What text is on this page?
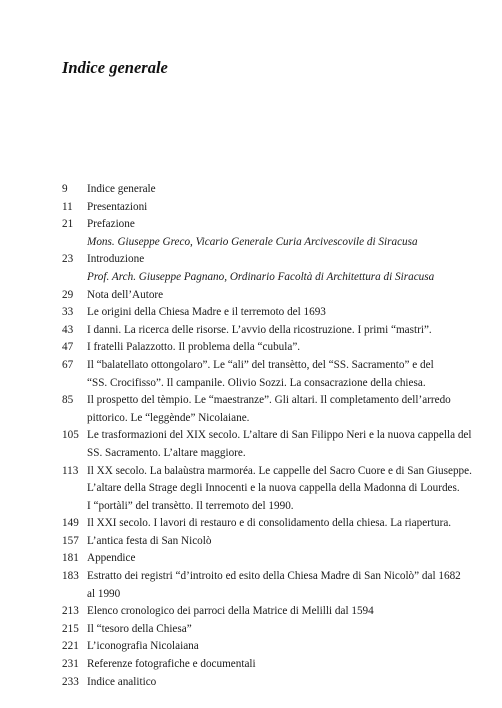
Indice generale
9	Indice generale
11	Presentazioni
21	Prefazione
Mons. Giuseppe Greco, Vicario Generale Curia Arcivescovile di Siracusa
23	Introduzione
Prof. Arch. Giuseppe Pagnano, Ordinario Facoltà di Architettura di Siracusa
29	Nota dell’Autore
33	Le origini della Chiesa Madre e il terremoto del 1693
43	I danni. La ricerca delle risorse. L’avvio della ricostruzione. I primi “mastri”.
47	I fratelli Palazzotto. Il problema della “cubula”.
67	Il “balatellato ottongolaro”. Le “ali” del transètto, del “SS. Sacramento” e del
“SS. Crocifisso”. Il campanile. Olivio Sozzi. La consacrazione della chiesa.
85	Il prospetto del tèmpio. Le “maestranze”. Gli altari. Il completamento dell’arredo
pittorico. Le “leggènde” Nicolaiane.
105 Le trasformazioni del XIX secolo. L’altare di San Filippo Neri e la nuova cappella del
SS. Sacramento. L’altare maggiore.
113 Il XX secolo. La balaùstra marmoréa. Le cappelle del Sacro Cuore e di San Giuseppe.
L’altare della Strage degli Innocenti e la nuova cappella della Madonna di Lourdes.
I “portàli” del transètto. Il terremoto del 1990.
149 Il XXI secolo. I lavori di restauro e di consolidamento della chiesa. La riapertura.
157 L’antica festa di San Nicolò
181 Appendice
183 Estratto dei registri “d’introito ed esito della Chiesa Madre di San Nicolò” dal 1682
al 1990
213 Elenco cronologico dei parroci della Matrice di Melilli dal 1594
215 Il “tesoro della Chiesa”
221 L’iconografia Nicolaiana
231 Referenze fotografiche e documentali
233 Indice analitico
